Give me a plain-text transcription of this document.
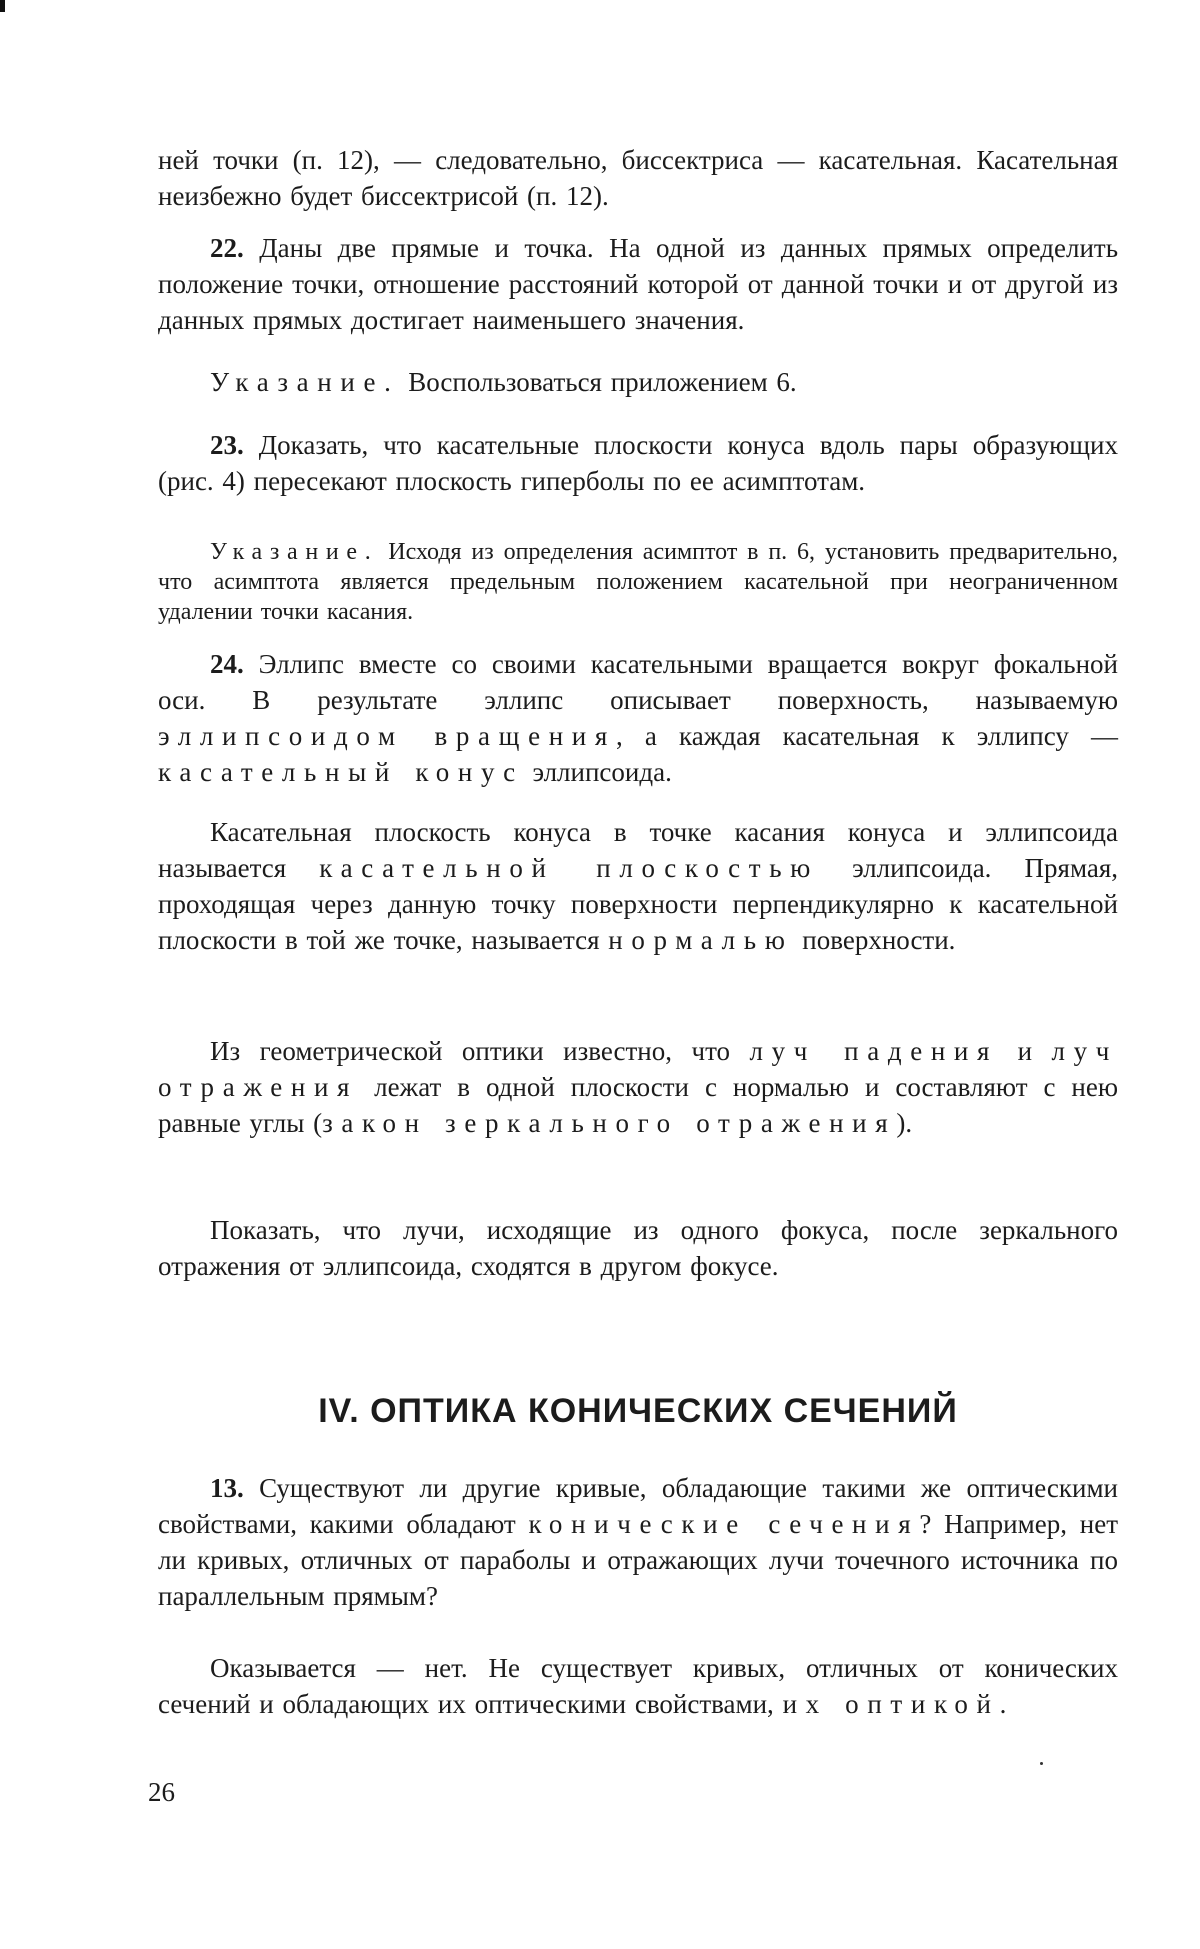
ней точки (п. 12), — следовательно, биссектриса — касательная. Касательная неизбежно будет биссектрисой (п. 12).

22. Даны две прямые и точка. На одной из данных прямых определить положение точки, отношение расстояний которой от данной точки и от другой из данных прямых достигает наименьшего значения.

Указание. Воспользоваться приложением 6.

23. Доказать, что касательные плоскости конуса вдоль пары образующих (рис. 4) пересекают плоскость гиперболы по ее асимптотам.

Указание. Исходя из определения асимптот в п. 6, установить предварительно, что асимптота является предельным положением касательной при неограниченном удалении точки касания.

24. Эллипс вместе со своими касательными вращается вокруг фокальной оси. В результате эллипс описывает поверхность, называемую эллипсоидом вращения, а каждая касательная к эллипсу — касательный конус эллипсоида.

Касательная плоскость конуса в точке касания конуса и эллипсоида называется касательной плоскостью эллипсоида. Прямая, проходящая через данную точку поверхности перпендикулярно к касательной плоскости в той же точке, называется нормалью поверхности.

Из геометрической оптики известно, что луч падения и луч отражения лежат в одной плоскости с нормалью и составляют с нею равные углы (закон зеркального отражения).

Показать, что лучи, исходящие из одного фокуса, после зеркального отражения от эллипсоида, сходятся в другом фокусе.

IV. ОПТИКА КОНИЧЕСКИХ СЕЧЕНИЙ

13. Существуют ли другие кривые, обладающие такими же оптическими свойствами, какими обладают конические сечения? Например, нет ли кривых, отличных от параболы и отражающих лучи точечного источника по параллельным прямым?

Оказывается — нет. Не существует кривых, отличных от конических сечений и обладающих их оптическими свойствами, их оптикой.

26
